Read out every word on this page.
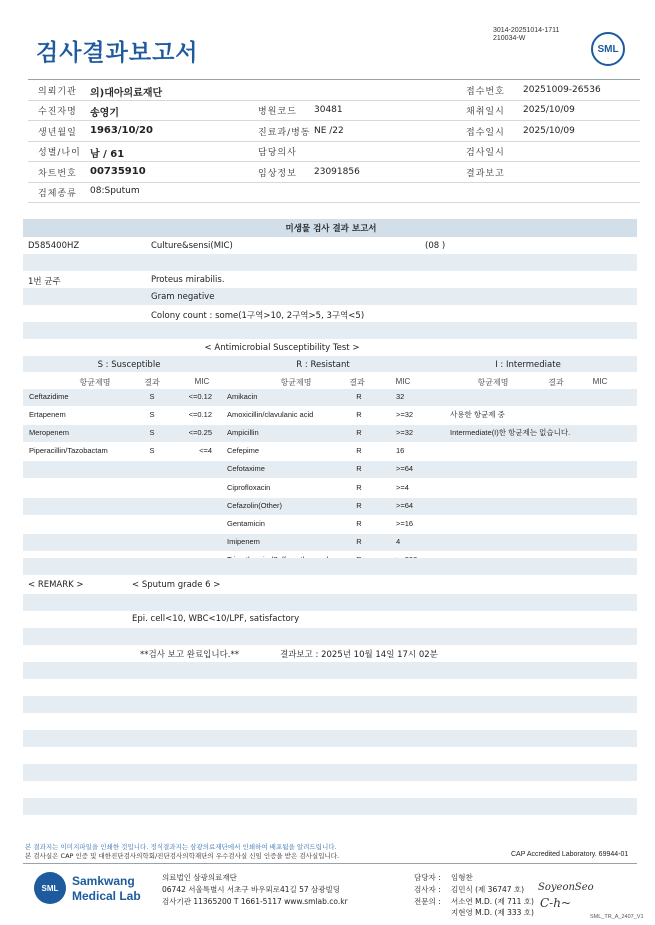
검사결과보고서
3014-20251014-1711
210034-W
SML
의뢰기관 의)대아의료재단	접수번호 20251009-26536
수진자명 송영기	병원코드 30481	채취일시 2025/10/09
생년월일 1963/10/20	진료과/병동 NE /22	접수일시 2025/10/09
성별/나이 남 / 61	담당의사	검사일시
차트번호 00735910	임상정보 23091856	결과보고
검체종류 08:Sputum
미생물 검사 결과 보고서
D585400HZ	Culture&sensi(MIC)	(08 )
1번 균주	Proteus mirabilis.
Gram negative
Colony count : some(1구역>10, 2구역>5, 3구역<5)
< Antimicrobial Susceptibility Test >
S : Susceptible	R : Resistant	I : Intermediate
항균제명	결과	MIC	항균제명	결과	MIC	항균제명	결과	MIC
Ceftazidime	S	<=0.12
Ertapenem	S	<=0.12
Meropenem	S	<=0.25
Piperacillin/Tazobactam	S	<=4
Amikacin	R	32
Amoxicillin/clavulanic acid	R	>=32
Ampicillin	R	>=32
Cefepime	R	16
Cefotaxime	R	>=64
Ciprofloxacin	R	>=4
Cefazolin(Other)	R	>=64
Gentamicin	R	>=16
Imipenem	R	4
사용한 항균제 중
Intermediate(I)한 항균제는 없습니다.
< REMARK >	< Sputum grade 6 >
Epi. cell<10, WBC<10/LPF, satisfactory
**검사 보고 완료입니다.**	결과보고 : 2025년 10월 14일 17시 02분
본 결과지는 이미지파일을 인쇄한 것입니다. 정식결과지는 삼광의료재단에서 인쇄하여 배포됨을 알려드립니다.
본 검사실은 CAP 인증 및 대한진단검사의학회/진단검사의학재단의 우수검사실 신임 인증을 받은 검사실입니다.	CAP Accredited Laboratory. 69944-01
SML Samkwang
Medical Lab
의료법인 삼광의료재단
06742 서울특별시 서초구 바우뫼로41길 57 삼광빌딩
검사기관 11365200 T 1661-5117 www.smlab.co.kr
담당자 : 임형찬
검사자 : 김민식 (제 36747 호)
전문의 : 서소연 M.D. (제 711 호)
지현영 M.D. (제 333 호)
SoyeonSeo
C-h~
SML_TR_A_2407_V1
